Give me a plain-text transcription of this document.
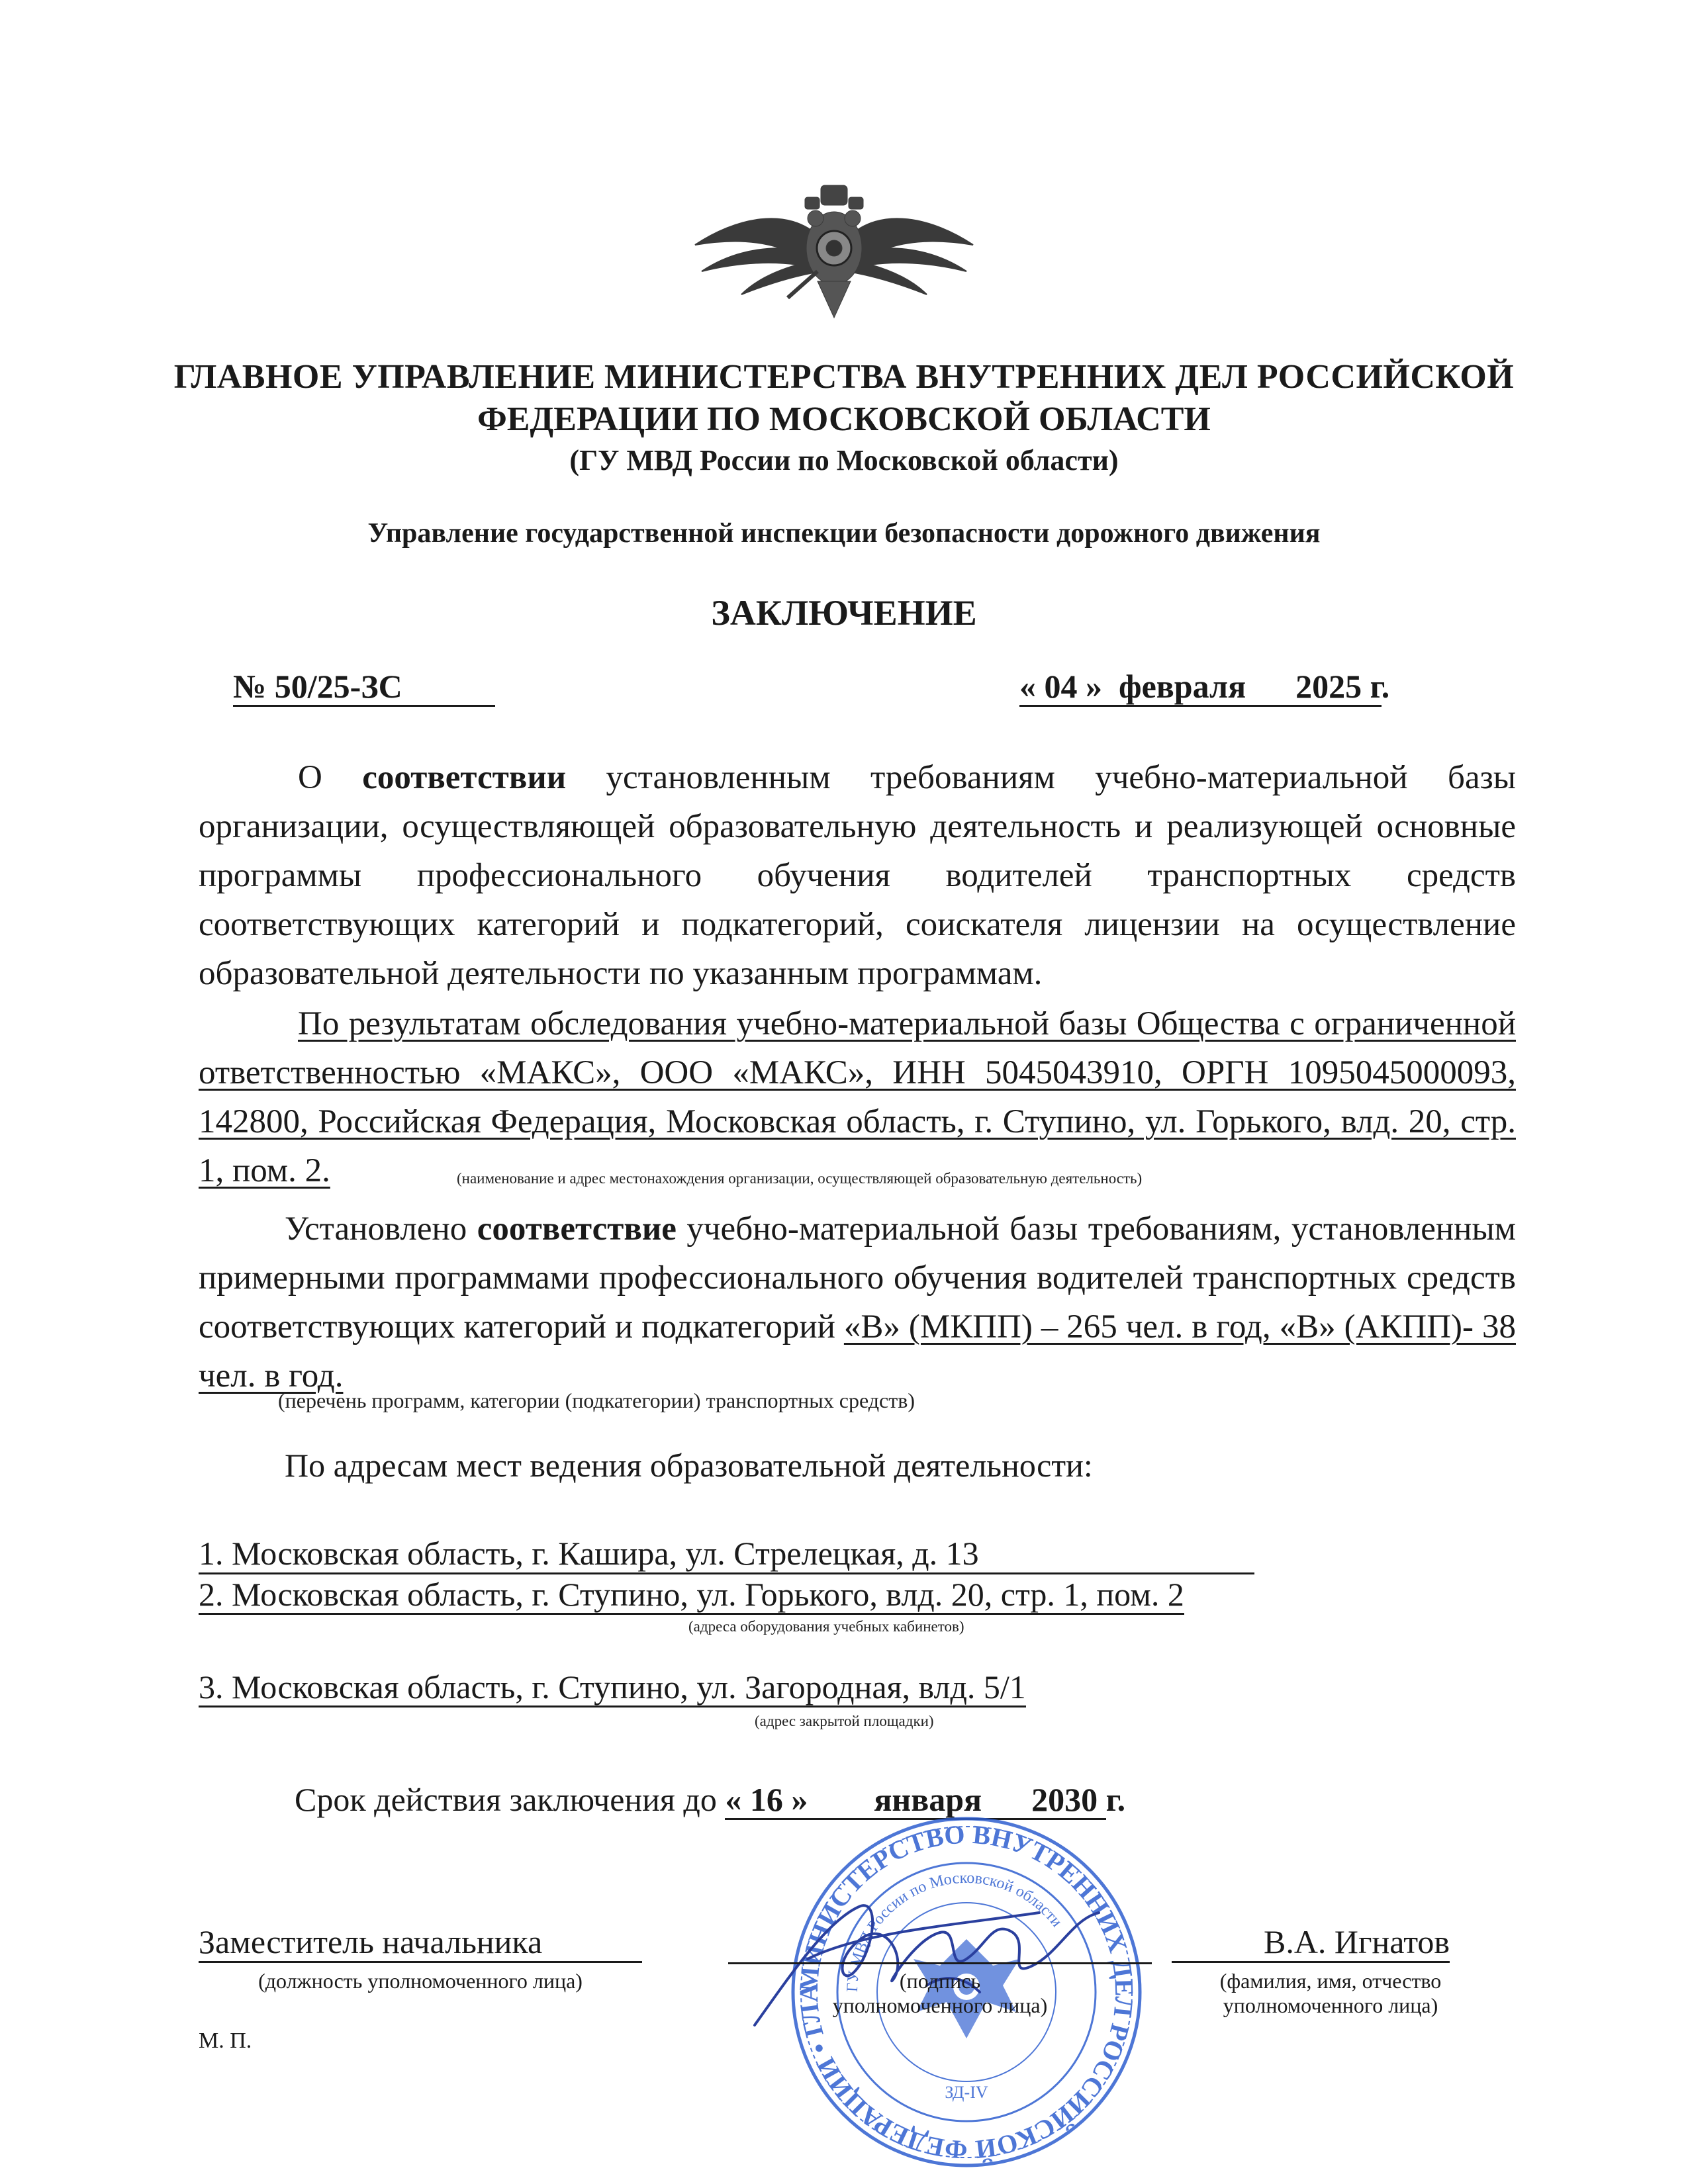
ГЛАВНОЕ УПРАВЛЕНИЕ МИНИСТЕРСТВА ВНУТРЕННИХ ДЕЛ РОССИЙСКОЙ
ФЕДЕРАЦИИ ПО МОСКОВСКОЙ ОБЛАСТИ
(ГУ МВД России по Московской области)
Управление государственной инспекции безопасности дорожного движения
ЗАКЛЮЧЕНИЕ
№ 50/25-ЗС	« 04 » февраля 2025 г.
О соответствии установленным требованиям учебно-материальной базы организации, осуществляющей образовательную деятельность и реализующей основные программы профессионального обучения водителей транспортных средств соответствующих категорий и подкатегорий, соискателя лицензии на осуществление образовательной деятельности по указанным программам.
По результатам обследования учебно-материальной базы Общества с ограниченной ответственностью «МАКС», ООО «МАКС», ИНН 5045043910, ОРГН 1095045000093, 142800, Российская Федерация, Московская область, г. Ступино, ул. Горького, влд. 20, стр. 1, пом. 2.	(наименование и адрес местонахождения организации, осуществляющей образовательную деятельность)
Установлено соответствие учебно-материальной базы требованиям, установленным примерными программами профессионального обучения водителей транспортных средств соответствующих категорий и подкатегорий «В» (МКПП) – 265 чел. в год, «В» (АКПП)- 38 чел. в год.
(перечень программ, категории (подкатегории) транспортных средств)
По адресам мест ведения образовательной деятельности:
1. Московская область, г. Кашира, ул. Стрелецкая, д. 13
2. Московская область, г. Ступино, ул. Горького, влд. 20, стр. 1, пом. 2
(адреса оборудования учебных кабинетов)
3. Московская область, г. Ступино, ул. Загородная, влд. 5/1
(адрес закрытой площадки)
Срок действия заключения до « 16 » января 2030 г.
МИНИСТЕРСТВО ВНУТРЕННИХ ДЕЛ РОССИЙСКОЙ ФЕДЕРАЦИИ • ГЛА	ГУ МВД России по Московской области
ЗД-IV
Заместитель начальника
(должность уполномоченного лица)	(подпись
уполномоченного лица)
В.А. Игнатов
(фамилия, имя, отчество
уполномоченного лица)
М. П.
